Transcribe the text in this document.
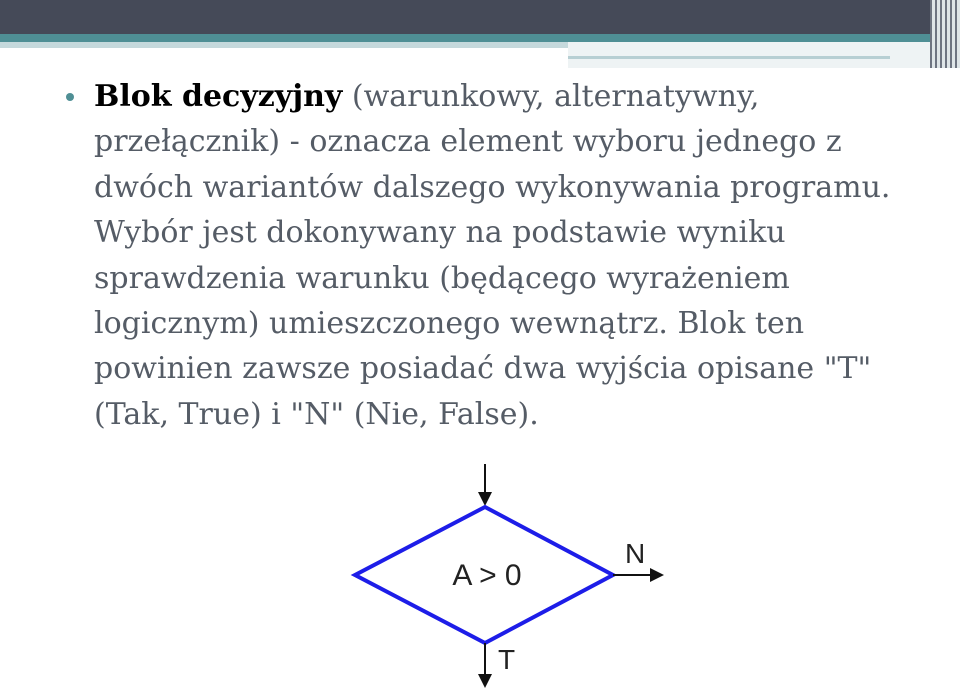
Blok decyzyjny (warunkowy, alternatywny, przełącznik) - oznacza element wyboru jednego z dwóch wariantów dalszego wykonywania programu. Wybór jest dokonywany na podstawie wyniku sprawdzenia warunku (będącego wyrażeniem logicznym) umieszczonego wewnątrz. Blok ten powinien zawsze posiadać dwa wyjścia opisane "T" (Tak, True) i "N" (Nie, False).
A > 0
N
T
